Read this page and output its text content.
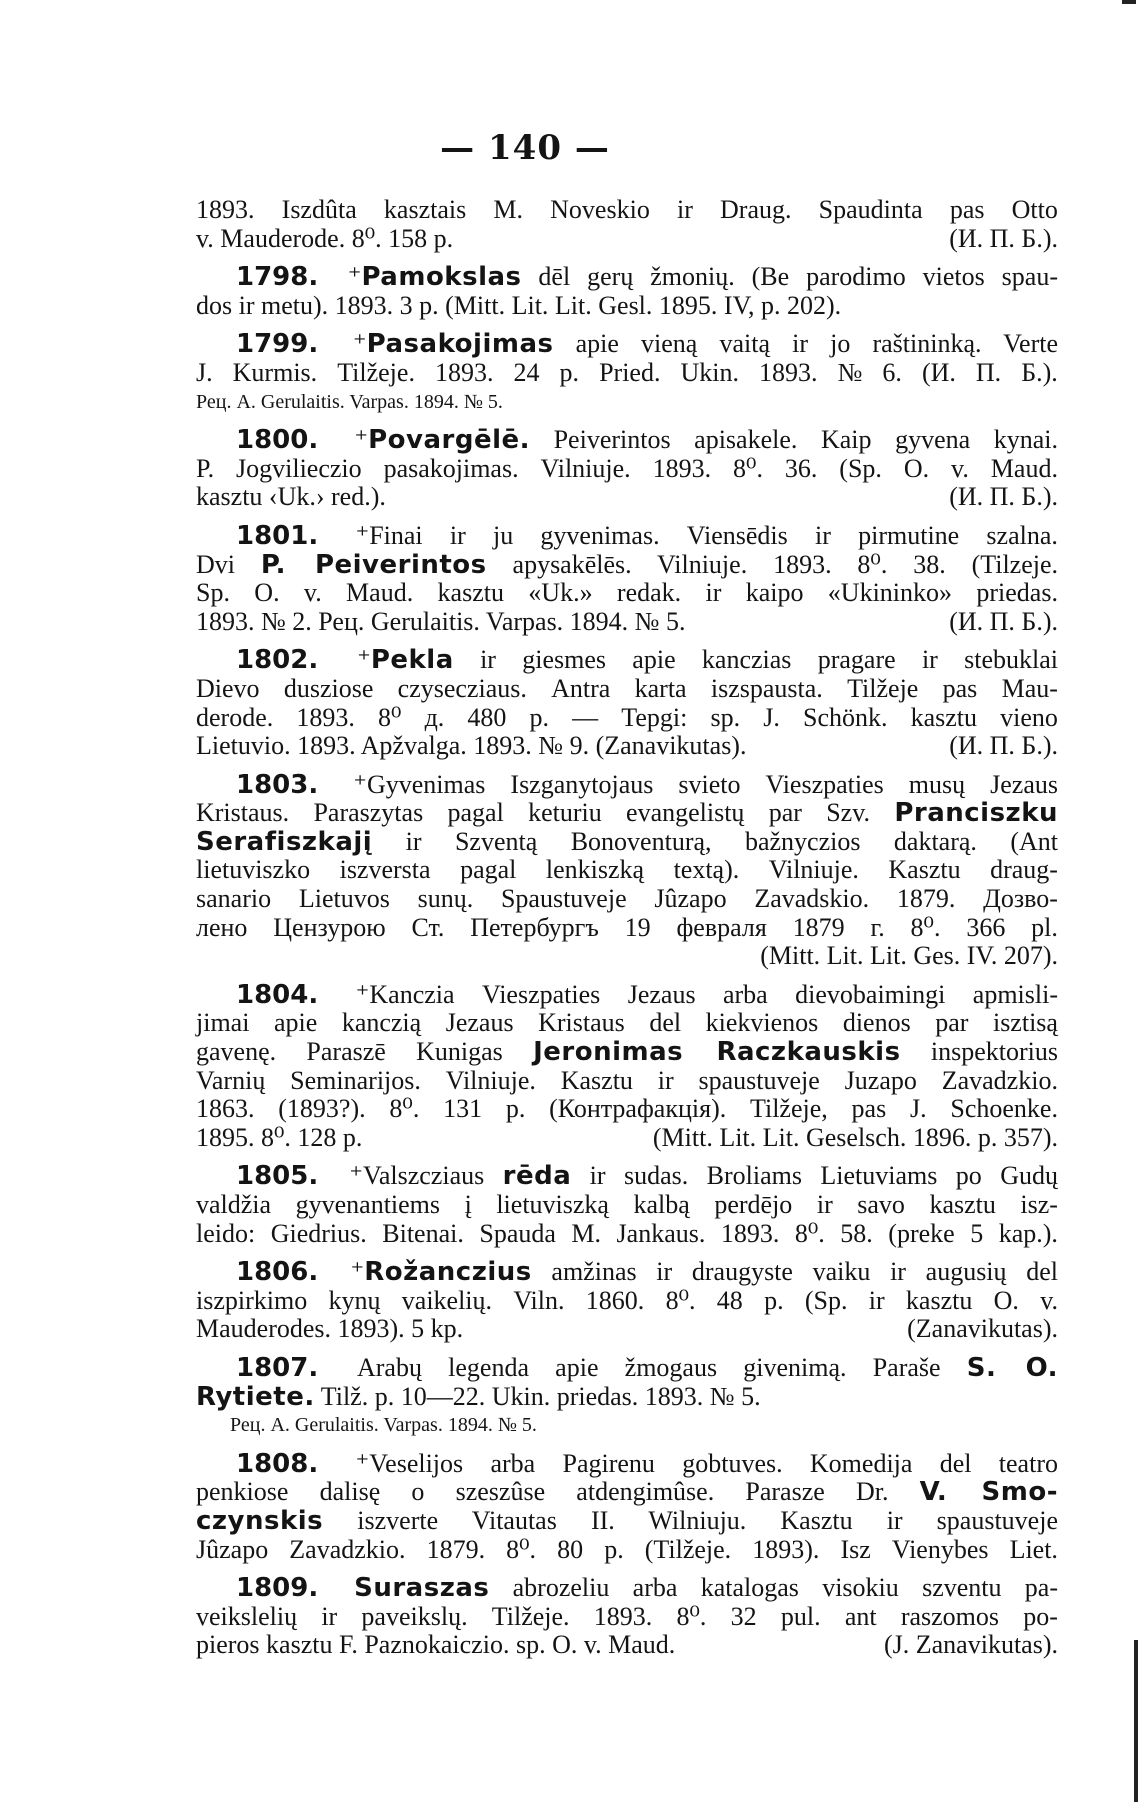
— 140 —
1893. Iszdûta kasztais M. Noveskio ir Draug. Spaudinta pas Otto
v. Mauderode. 8⁰. 158 p.	(И. П. Б.).
1798. ⁺Pamokslas dēl gerų žmonių. (Be parodimo vietos spau-
dos ir metu). 1893. 3 p. (Mitt. Lit. Lit. Gesl. 1895. IV, p. 202).
1799. ⁺Pasakojimas apie vieną vaitą ir jo raštininką. Verte
J. Kurmis. Tilžeje. 1893. 24 p. Pried. Ukin. 1893. № 6. (И. П. Б.).
Рец. А. Gerulaitis. Varpas. 1894. № 5.
1800. ⁺Povargēlē. Peiverintos apisakele. Kaip gyvena kynai.
P. Jogvilieczio pasakojimas. Vilniuje. 1893. 8⁰. 36. (Sp. O. v. Maud.
kasztu ‹Uk.› red.).	(И. П. Б.).
1801.	⁺Finai ir ju gyvenimas. Viensēdis ir pirmutine szalna.
Dvi P. Peiverintos apysakēlēs. Vilniuje. 1893. 8⁰. 38. (Tilzeje.
Sp. O. v. Maud. kasztu «Uk.» redak. ir kaipo «Ukininko» priedas.
1893. № 2. Рец. Gerulaitis. Varpas. 1894. № 5.	(И. П. Б.).
1802. ⁺Pekla ir giesmes apie kanczias pragare ir stebuklai
Dievo dusziose czysecziaus. Antra karta iszspausta. Tilžeje pas Mau-
derode. 1893. 8⁰ д. 480 p. — Tepgi: sp. J. Schönk. kasztu vieno
Lietuvio. 1893. Apžvalga. 1893. № 9. (Zanavikutas).	(И. П. Б.).
1803.	⁺Gyvenimas Iszganytojaus svieto Vieszpaties musų Jezaus
Kristaus. Paraszytas pagal keturiu evangelistų par Szv. Pranciszku
Serafiszkajį ir Szventą Bonoventurą, bažnyczios daktarą. (Ant
lietuviszko iszversta pagal lenkiszką textą). Vilniuje. Kasztu draug-
sanario Lietuvos sunų. Spaustuveje Jûzapo Zavadskio. 1879. Дозво-
лено Цензурою Ст. Петербургъ 19 февраля 1879 г. 8⁰. 366 pl.
(Mitt. Lit. Lit. Ges. IV. 207).
1804.	⁺Kanczia Vieszpaties Jezaus arba dievobaimingi apmisli-
jimai apie kanczią Jezaus Kristaus del kiekvienos dienos par isztisą
gavenę. Paraszē Kunigas Jeronimas Raczkauskis inspektorius
Varnių Seminarijos. Vilniuje. Kasztu ir spaustuveje Juzapo Zavadzkio.
1863. (1893?). 8⁰. 131 p. (Контрафакція). Tilžeje, pas J. Schoenke.
1895. 8⁰. 128 p.	(Mitt. Lit. Lit. Geselsch. 1896. p. 357).
1805. ⁺Valszcziaus rēda ir sudas. Broliams Lietuviams po Gudų
valdžia gyvenantiems į lietuviszką kalbą perdējo ir savo kasztu isz-
leido: Giedrius. Bitenai. Spauda M. Jankaus. 1893. 8⁰. 58. (preke 5 kap.).
1806. ⁺Rožanczius amžinas ir draugyste vaiku ir augusių del
iszpirkimo kynų vaikelių. Viln. 1860. 8⁰. 48 p. (Sp. ir kasztu O. v.
Mauderodes. 1893). 5 kp.	(Zanavikutas).
1807. Arabų legenda apie žmogaus givenimą. Paraše S. O.
Rytiete. Tilž. p. 10—22. Ukin. priedas. 1893. № 5.
Рец. А. Gerulaitis. Varpas. 1894. № 5.
1808.	⁺Veselijos arba Pagirenu gobtuves. Komedija del teatro
penkiose dalisę o szeszûse atdengimûse. Parasze Dr. V. Smo-
czynskis iszverte Vitautas II. Wilniuju. Kasztu ir spaustuveje
Jûzapo Zavadzkio. 1879. 8⁰. 80 p. (Tilžeje. 1893). Isz Vienybes Liet.
1809. Suraszas abrozeliu arba katalogas visokiu szventu pa-
veikslelių ir paveikslų. Tilžeje. 1893. 8⁰. 32 pul. ant raszomos po-
pieros kasztu F. Paznokaiczio. sp. O. v. Maud.	(J. Zanavikutas).
